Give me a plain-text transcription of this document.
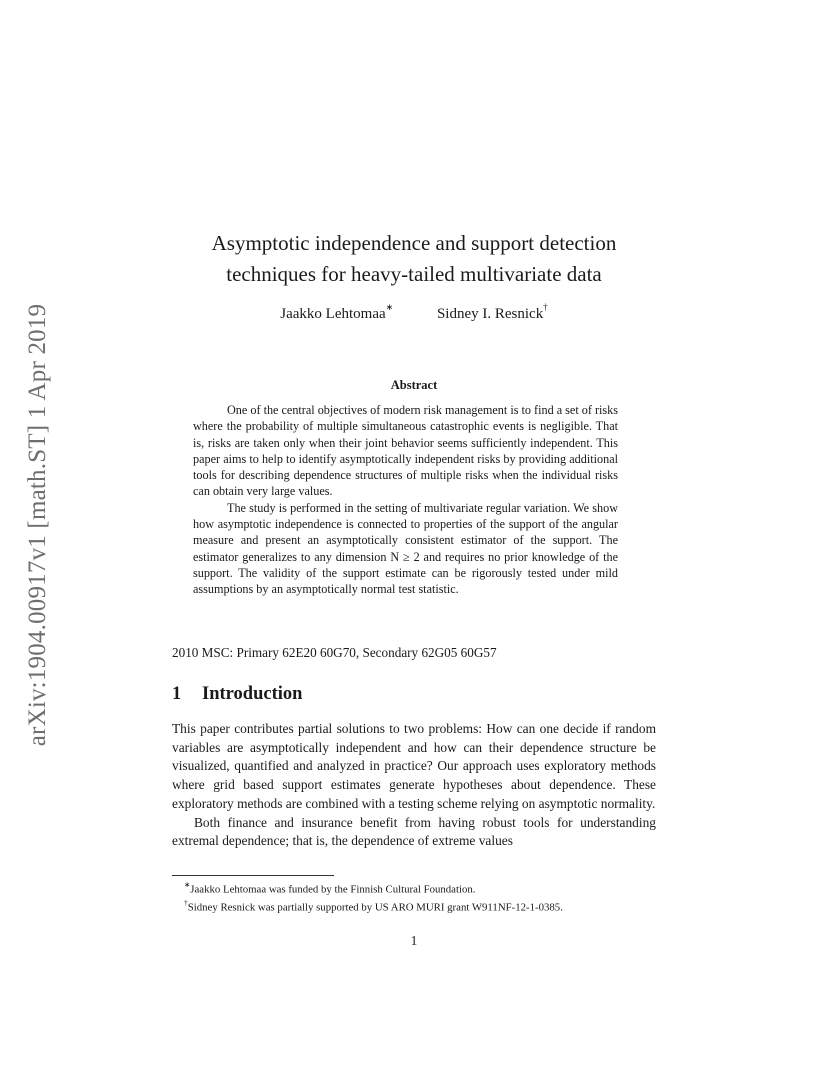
arXiv:1904.00917v1 [math.ST] 1 Apr 2019
Asymptotic independence and support detection
techniques for heavy-tailed multivariate data
Jaakko Lehtomaa∗	Sidney I. Resnick†
Abstract

One of the central objectives of modern risk management is to find a set of risks where the probability of multiple simultaneous catastrophic events is negligible. That is, risks are taken only when their joint behavior seems sufficiently independent. This paper aims to help to identify asymptotically independent risks by providing additional tools for describing dependence structures of multiple risks when the individual risks can obtain very large values.

The study is performed in the setting of multivariate regular variation. We show how asymptotic independence is connected to properties of the support of the angular measure and present an asymptotically consistent estimator of the support. The estimator generalizes to any dimension N ≥ 2 and requires no prior knowledge of the support. The validity of the support estimate can be rigorously tested under mild assumptions by an asymptotically normal test statistic.

2010 MSC: Primary 62E20 60G70, Secondary 62G05 60G57
1 Introduction

This paper contributes partial solutions to two problems: How can one decide if random variables are asymptotically independent and how can their dependence structure be visualized, quantified and analyzed in practice? Our approach uses exploratory methods where grid based support estimates generate hypotheses about dependence. These exploratory methods are combined with a testing scheme relying on asymptotic normality.

Both finance and insurance benefit from having robust tools for understanding extremal dependence; that is, the dependence of extreme values

∗Jaakko Lehtomaa was funded by the Finnish Cultural Foundation.
†Sidney Resnick was partially supported by US ARO MURI grant W911NF-12-1-0385.
1
